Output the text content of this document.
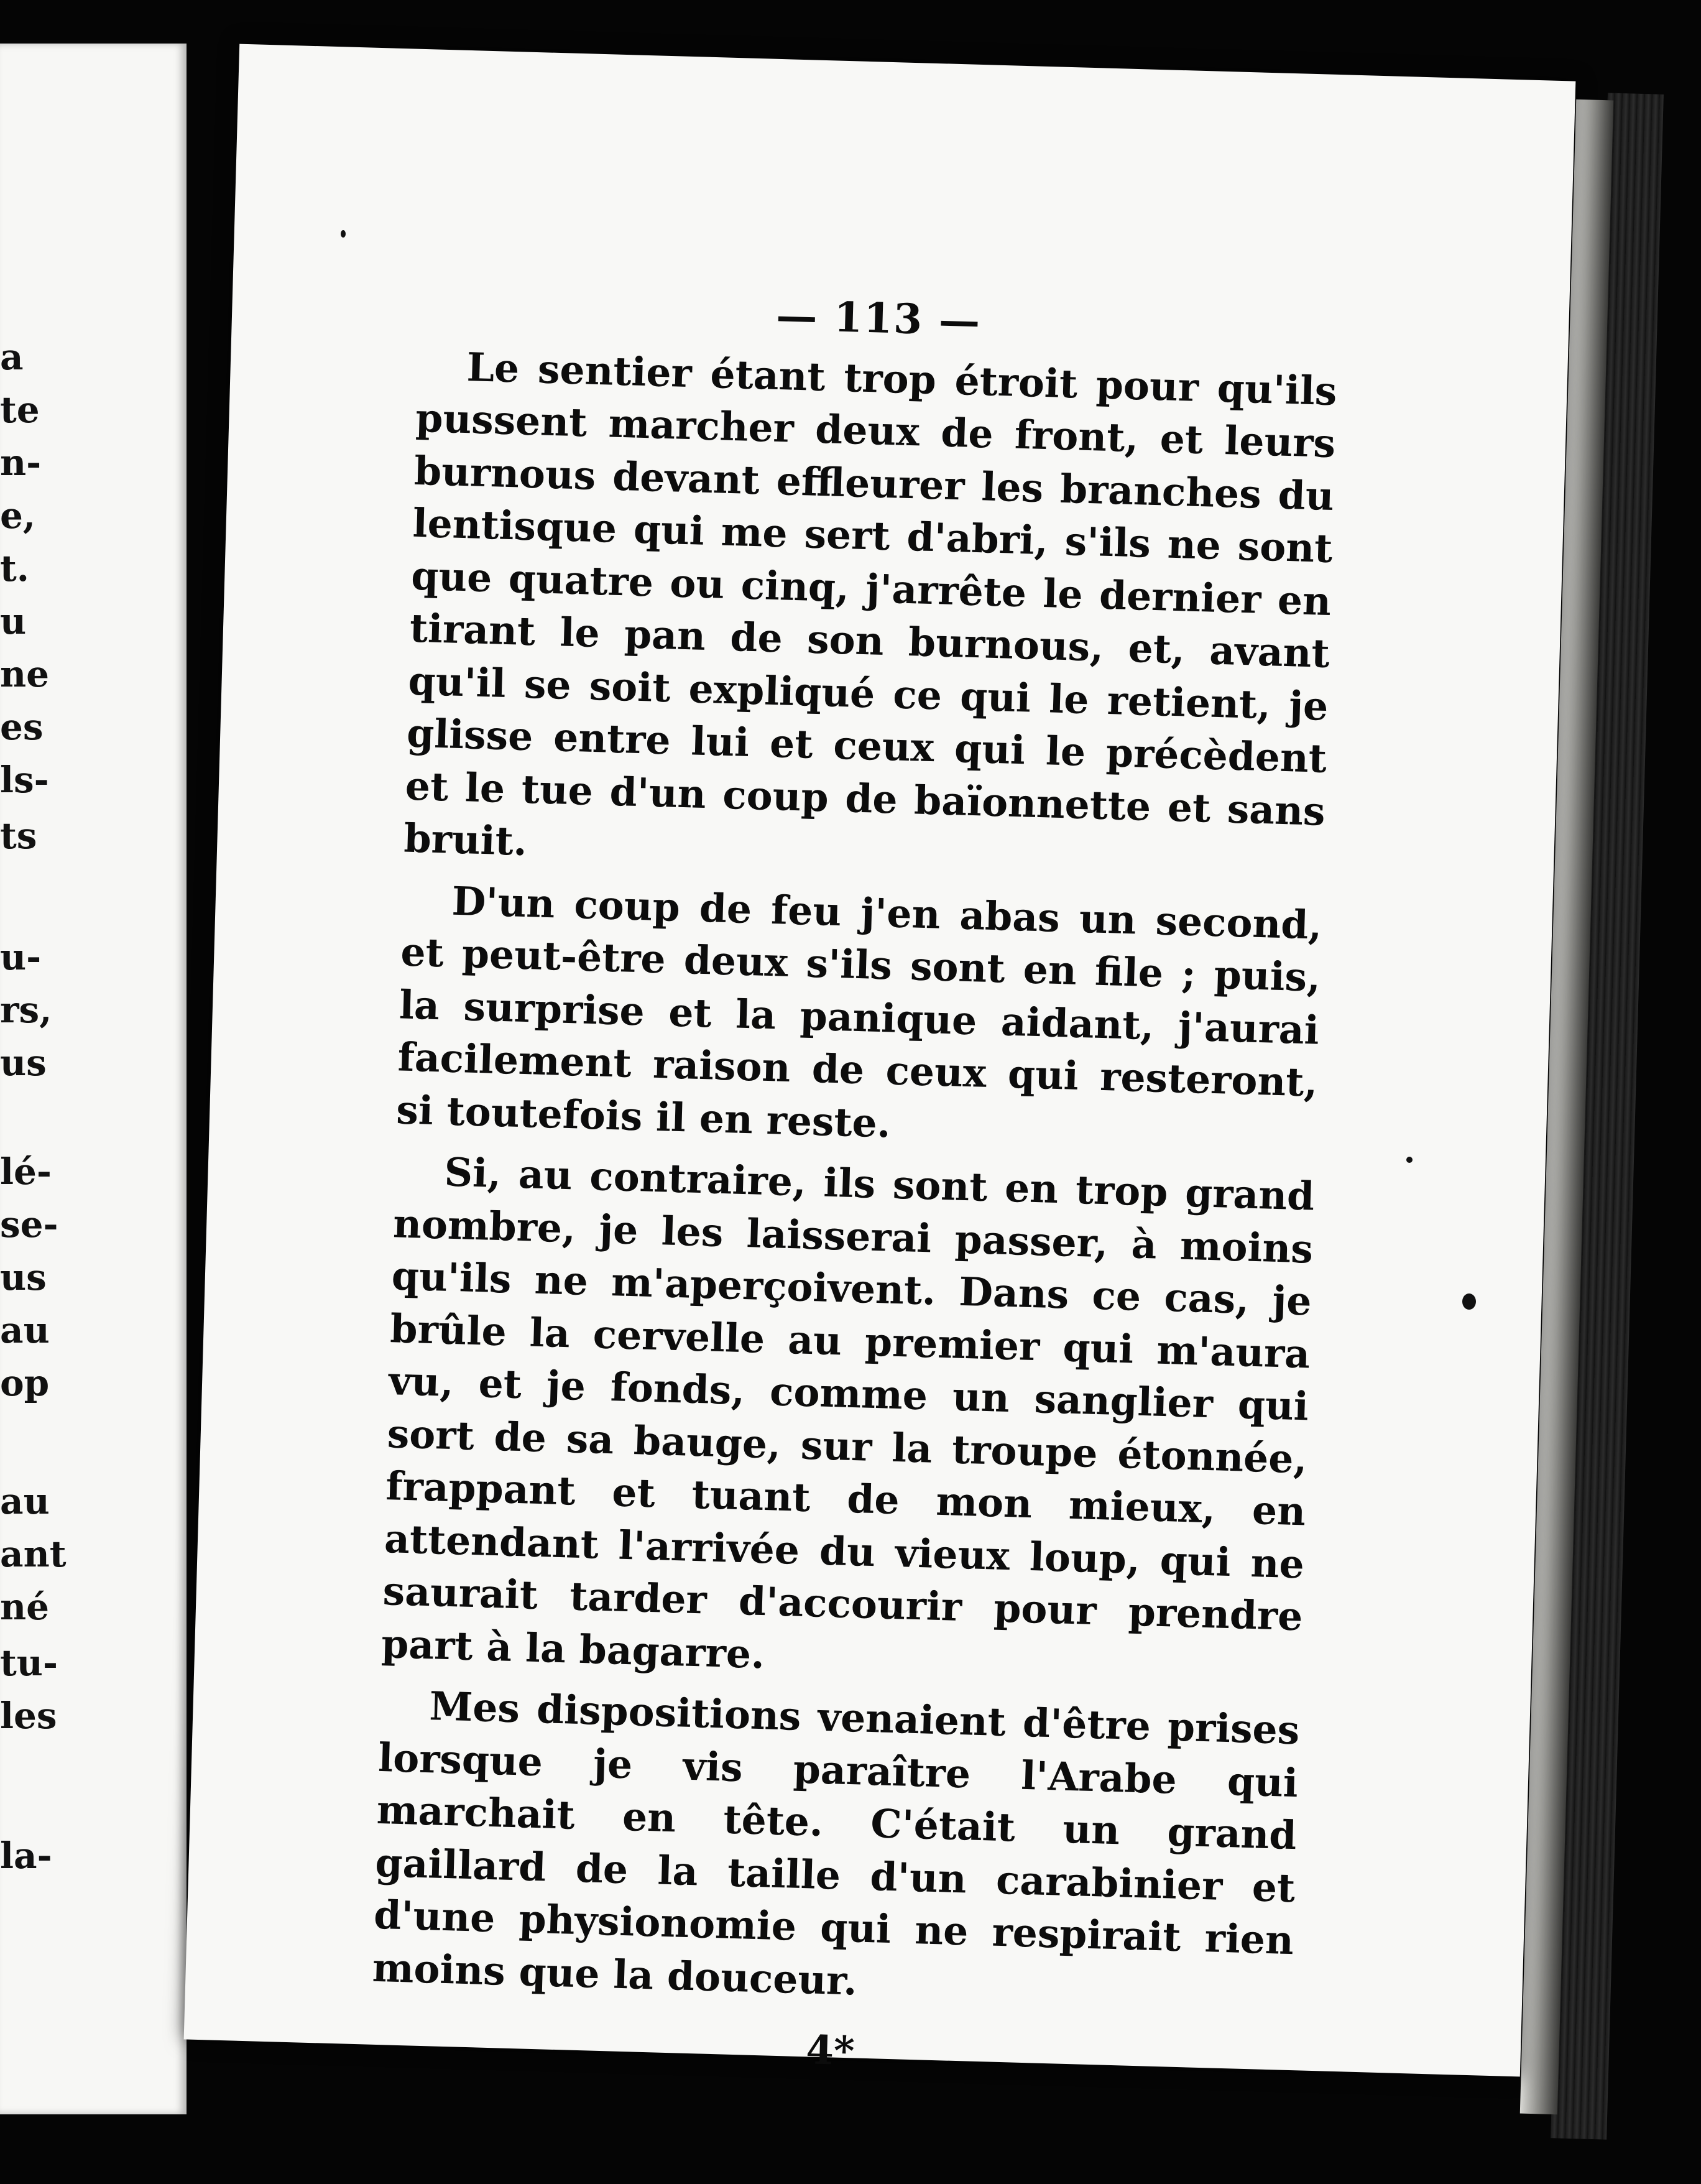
a
te
n-
e,
t.
u
ne
es
ls-
ts
u-
rs,
us
lé-
se-
us
au
op
au
ant
né
tu-
les
la-
— 113 —

Le sentier étant trop étroit pour qu'ils pussent marcher deux de front, et leurs burnous devant effleurer les branches du lentisque qui me sert d'abri, s'ils ne sont que quatre ou cinq, j'arrête le dernier en tirant le pan de son burnous, et, avant qu'il se soit expliqué ce qui le retient, je glisse entre lui et ceux qui le précèdent et le tue d'un coup de baïonnette et sans bruit.

D'un coup de feu j'en abas un second, et peut-être deux s'ils sont en file ; puis, la surprise et la panique aidant, j'aurai facilement raison de ceux qui resteront, si toutefois il en reste.

Si, au contraire, ils sont en trop grand nombre, je les laisserai passer, à moins qu'ils ne m'aperçoivent. Dans ce cas, je brûle la cervelle au premier qui m'aura vu, et je fonds, comme un sanglier qui sort de sa bauge, sur la troupe étonnée, frappant et tuant de mon mieux, en attendant l'arrivée du vieux loup, qui ne saurait tarder d'accourir pour prendre part à la bagarre.

Mes dispositions venaient d'être prises lorsque je vis paraître l'Arabe qui marchait en tête. C'était un grand gaillard de la taille d'un carabinier et d'une physionomie qui ne respirait rien moins que la douceur.

4*
